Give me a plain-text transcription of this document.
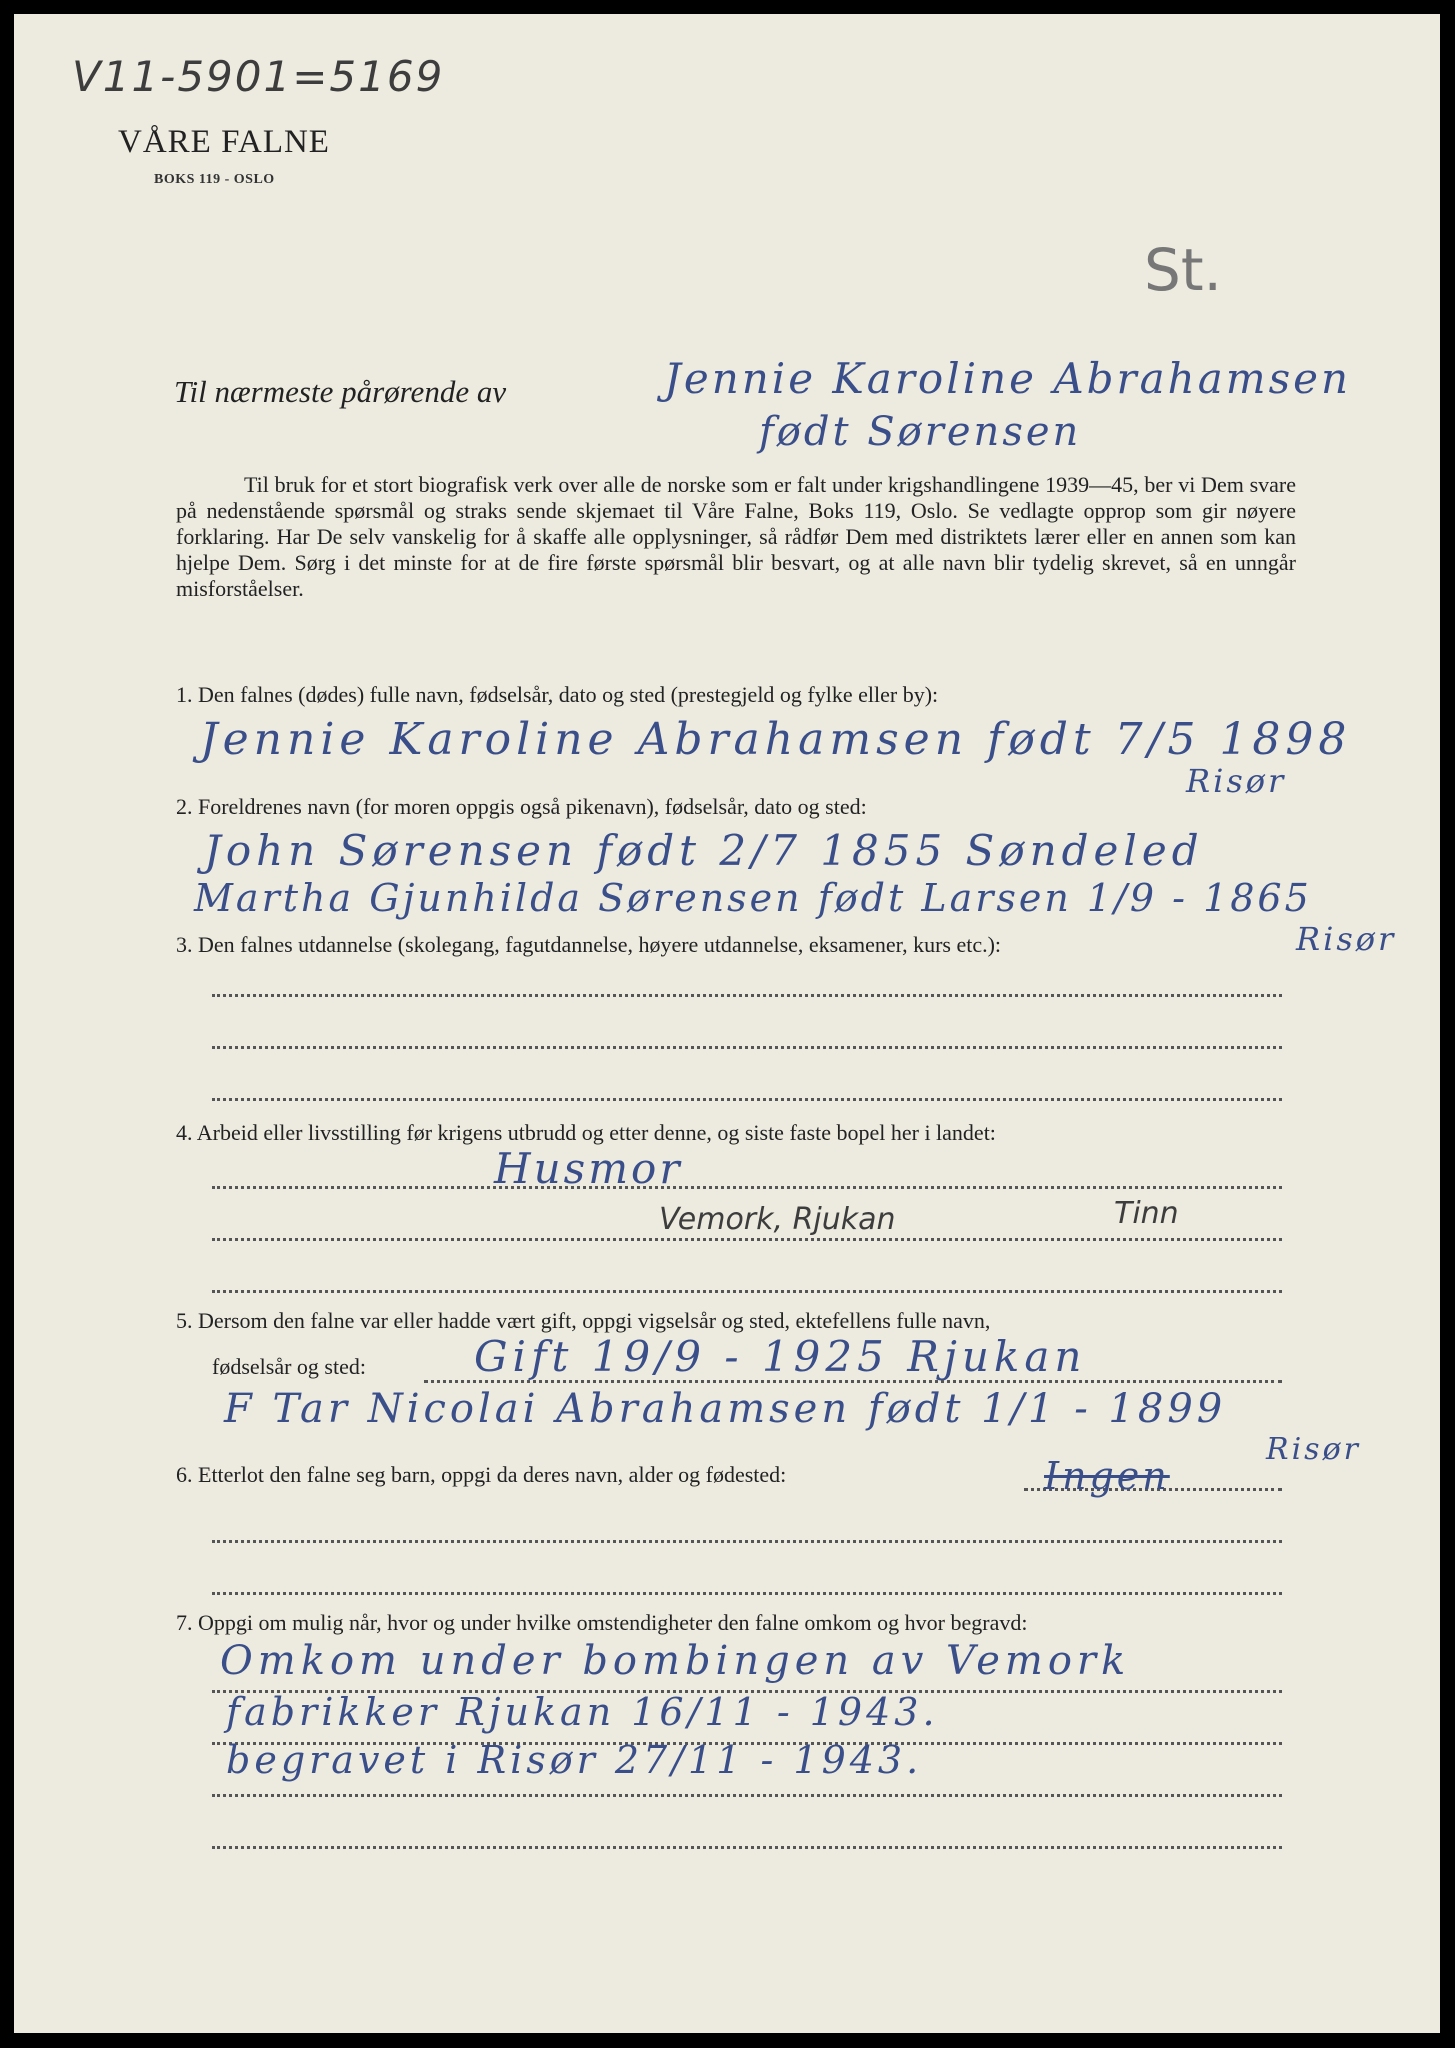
V11-5901=5169
VÅRE FALNE
BOKS 119 - OSLO
St.
Til nærmeste pårørende av	Jennie Karoline Abrahamsen
født Sørensen
Til bruk for et stort biografisk verk over alle de norske som er falt under krigshandlingene 1939—45, ber vi Dem svare på nedenstående spørsmål og straks sende skjemaet til Våre Falne, Boks 119, Oslo. Se vedlagte opprop som gir nøyere forklaring. Har De selv vanskelig for å skaffe alle opplysninger, så rådfør Dem med distriktets lærer eller en annen som kan hjelpe Dem. Sørg i det minste for at de fire første spørsmål blir besvart, og at alle navn blir tydelig skrevet, så en unngår misforståelser.
1. Den falnes (dødes) fulle navn, fødselsår, dato og sted (prestegjeld og fylke eller by):
Jennie Karoline Abrahamsen født 7/5 1898
Risør
2. Foreldrenes navn (for moren oppgis også pikenavn), fødselsår, dato og sted:
John Sørensen født 2/7 1855 Søndeled
Martha Gjunhilda Sørensen født Larsen 1/9 - 1865
3. Den falnes utdannelse (skolegang, fagutdannelse, høyere utdannelse, eksamener, kurs etc.):	Risør
4. Arbeid eller livsstilling før krigens utbrudd og etter denne, og siste faste bopel her i landet:
Husmor
Vemork, Rjukan	Tinn
5. Dersom den falne var eller hadde vært gift, oppgi vigselsår og sted, ektefellens fulle navn,
fødselsår og sted:	Gift 19/9 - 1925 Rjukan
F Tar Nicolai Abrahamsen født 1/1 - 1899
Risør
6. Etterlot den falne seg barn, oppgi da deres navn, alder og fødested:	Ingen
7. Oppgi om mulig når, hvor og under hvilke omstendigheter den falne omkom og hvor begravd:
Omkom under bombingen av Vemork
fabrikker Rjukan 16/11 - 1943.
begravet i Risør 27/11 - 1943.
